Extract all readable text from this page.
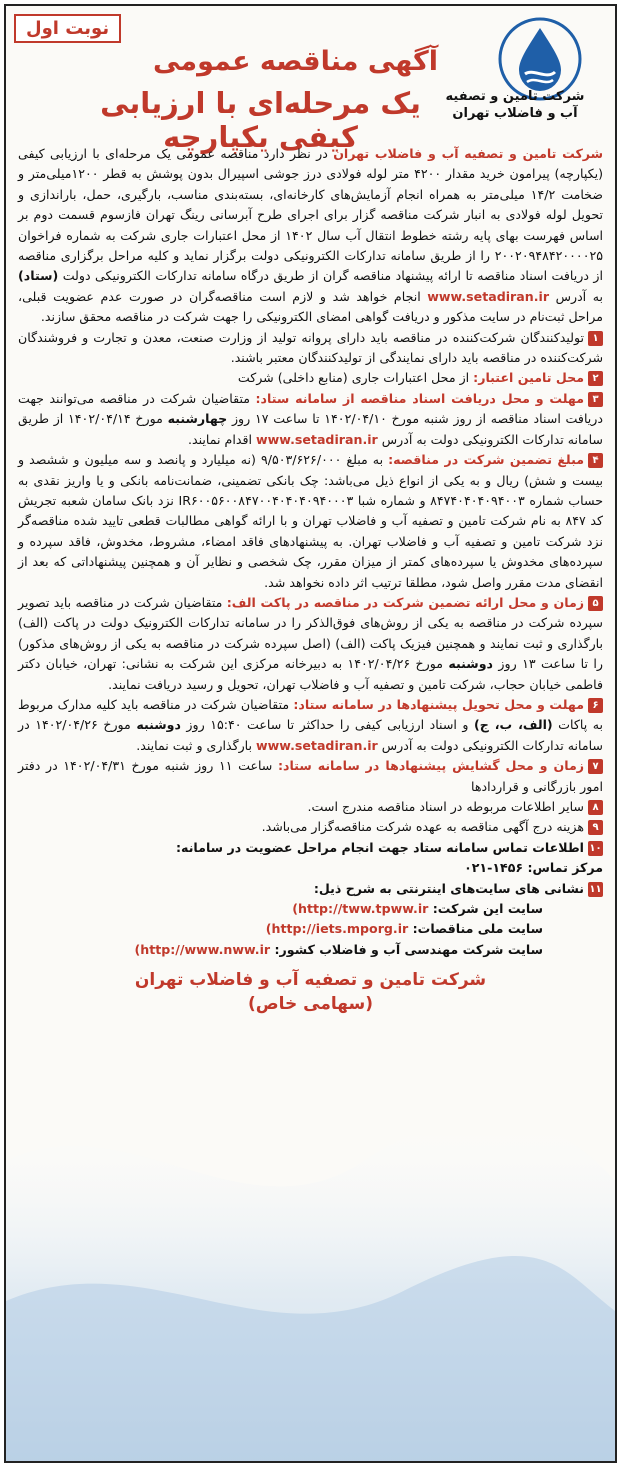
نوبت اول
شرکت تامین و تصفیه
آب و فاضلاب تهران
آگهی مناقصه عمومی
یک مرحله‌ای با ارزیابی کیفی یکپارچه

شرکت تامین و تصفیه آب و فاضلاب تهران در نظر دارد مناقصه عمومی یک مرحله‌ای با ارزیابی کیفی (یکپارچه) پیرامون خرید مقدار ۴۲۰۰ متر لوله فولادی درز جوشی اسپیرال بدون پوشش به قطر ۱۲۰۰میلی‌متر و ضخامت ۱۴/۲ میلی‌متر به همراه انجام آزمایش‌های کارخانه‌ای، بسته‌بندی مناسب، بارگیری، حمل، باراندازی و تحویل لوله فولادی به انبار شرکت مناقصه گزار برای اجرای طرح آبرسانی رینگ تهران فازسوم قسمت دوم بر اساس فهرست بهای پایه رشته خطوط انتقال آب سال ۱۴۰۲ از محل اعتبارات جاری شرکت به شماره فراخوان ۲۰۰۲۰۹۴۸۴۲۰۰۰۰۲۵ را از طریق سامانه تدارکات الکترونیکی دولت برگزار نماید و کلیه مراحل برگزاری مناقصه از دریافت اسناد مناقصه تا ارائه پیشنهاد مناقصه گران از طریق درگاه سامانه تدارکات الکترونیکی دولت (ستاد) به آدرس www.setadiran.ir انجام خواهد شد و لازم است مناقصه‌گران در صورت عدم عضویت قبلی، مراحل ثبت‌نام در سایت مذکور و دریافت گواهی امضای الکترونیکی را جهت شرکت در مناقصه محقق سازند.

۱تولیدکنندگان شرکت‌کننده در مناقصه باید دارای پروانه تولید از وزارت صنعت، معدن و تجارت و فروشندگان شرکت‌کننده در مناقصه باید دارای نمایندگی از تولیدکنندگان معتبر باشند.

۲محل تامین اعتبار: از محل اعتبارات جاری (منابع داخلی) شرکت

۳مهلت و محل دریافت اسناد مناقصه از سامانه ستاد: متقاضیان شرکت در مناقصه می‌توانند جهت دریافت اسناد مناقصه از روز شنبه مورخ ۱۴۰۲/۰۴/۱۰ تا ساعت ۱۷ روز چهارشنبه مورخ ۱۴۰۲/۰۴/۱۴ از طریق سامانه تدارکات الکترونیکی دولت به آدرس www.setadiran.ir اقدام نمایند.

۴مبلغ تضمین شرکت در مناقصه: به مبلغ ۹/۵۰۳/۶۲۶/۰۰۰ (نه میلیارد و پانصد و سه میلیون و ششصد و بیست و شش) ریال و به یکی از انواع ذیل می‌باشد: چک بانکی تضمینی، ضمانت‌نامه بانکی و یا واریز نقدی به حساب شماره ۸۴۷۴۰۴۰۴۰۹۴۰۰۳ و شماره شبا IR۶۰۰۵۶۰۰۸۴۷۰۰۴۰۴۰۴۰۹۴۰۰۰۳ نزد بانک سامان شعبه تجریش کد ۸۴۷ به نام شرکت تامین و تصفیه آب و فاضلاب تهران و با ارائه گواهی مطالبات قطعی تایید شده مناقصه‌گر نزد شرکت تامین و تصفیه آب و فاضلاب تهران. به پیشنهادهای فاقد امضاء، مشروط، مخدوش، فاقد سپرده و سپرده‌های مخدوش یا سپرده‌های کمتر از میزان مقرر، چک شخصی و نظایر آن و همچنین پیشنهاداتی که بعد از انقضای مدت مقرر واصل شود، مطلقا ترتیب اثر داده نخواهد شد.

۵زمان و محل ارائه تضمین شرکت در مناقصه در پاکت الف: متقاضیان شرکت در مناقصه باید تصویر سپرده شرکت در مناقصه به یکی از روش‌های فوق‌الذکر را در سامانه تدارکات الکترونیک دولت در پاکت (الف) بارگذاری و ثبت نمایند و همچنین فیزیک پاکت (الف) (اصل سپرده شرکت در مناقصه به یکی از روش‌های مذکور) را تا ساعت ۱۳ روز دوشنبه مورخ ۱۴۰۲/۰۴/۲۶ به دبیرخانه مرکزی این شرکت به نشانی: تهران، خیابان دکتر فاطمی خیابان حجاب، شرکت تامین و تصفیه آب و فاضلاب تهران، تحویل و رسید دریافت نمایند.

۶مهلت و محل تحویل پیشنهادها در سامانه ستاد: متقاضیان شرکت در مناقصه باید کلیه مدارک مربوط به پاکات (الف، ب، ج) و اسناد ارزیابی کیفی را حداکثر تا ساعت ۱۵:۴۰ روز دوشنبه مورخ ۱۴۰۲/۰۴/۲۶ در سامانه تدارکات الکترونیکی دولت به آدرس www.setadiran.ir بارگذاری و ثبت نمایند.

۷زمان و محل گشایش پیشنهادها در سامانه ستاد: ساعت ۱۱ روز شنبه مورخ ۱۴۰۲/۰۴/۳۱ در دفتر امور بازرگانی و قراردادها

۸سایر اطلاعات مربوطه در اسناد مناقصه مندرج است.

۹هزینه درج آگهی مناقصه به عهده شرکت مناقصه‌گزار می‌باشد.

۱۰اطلاعات تماس سامانه ستاد جهت انجام مراحل عضویت در سامانه:

مرکز تماس: ۱۴۵۶-۰۲۱

۱۱نشانی های سایت‌های اینترنتی به شرح ذیل:

سایت این شرکت: (http://tww.tpww.ir

سایت ملی مناقصات: (http://iets.mporg.ir

سایت شرکت مهندسی آب و فاضلاب کشور: (http://www.nww.ir

شرکت تامین و تصفیه آب و فاضلاب تهران
(سهامی خاص)
